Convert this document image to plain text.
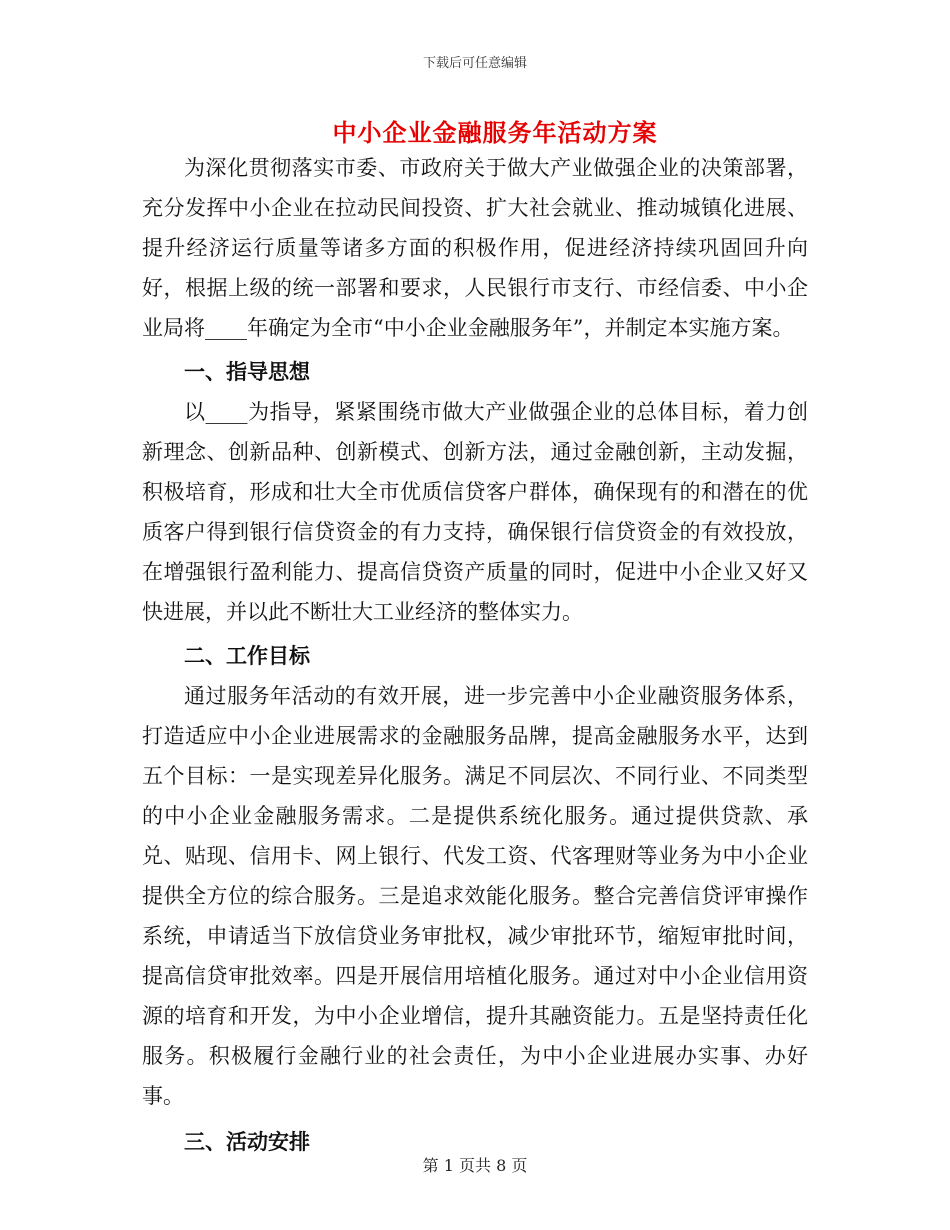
下载后可任意编辑
中小企业金融服务年活动方案

为深化贯彻落实市委、市政府关于做大产业做强企业的决策部署，充分发挥中小企业在拉动民间投资、扩大社会就业、推动城镇化进展、提升经济运行质量等诸多方面的积极作用，促进经济持续巩固回升向好，根据上级的统一部署和要求，人民银行市支行、市经信委、中小企业局将____年确定为全市“中小企业金融服务年”，并制定本实施方案。

一、指导思想

以____为指导，紧紧围绕市做大产业做强企业的总体目标，着力创新理念、创新品种、创新模式、创新方法，通过金融创新，主动发掘，积极培育，形成和壮大全市优质信贷客户群体，确保现有的和潜在的优质客户得到银行信贷资金的有力支持，确保银行信贷资金的有效投放，在增强银行盈利能力、提高信贷资产质量的同时，促进中小企业又好又快进展，并以此不断壮大工业经济的整体实力。

二、工作目标

通过服务年活动的有效开展，进一步完善中小企业融资服务体系，打造适应中小企业进展需求的金融服务品牌，提高金融服务水平，达到五个目标：一是实现差异化服务。满足不同层次、不同行业、不同类型的中小企业金融服务需求。二是提供系统化服务。通过提供贷款、承兑、贴现、信用卡、网上银行、代发工资、代客理财等业务为中小企业提供全方位的综合服务。三是追求效能化服务。整合完善信贷评审操作系统，申请适当下放信贷业务审批权，减少审批环节，缩短审批时间，提高信贷审批效率。四是开展信用培植化服务。通过对中小企业信用资源的培育和开发，为中小企业增信，提升其融资能力。五是坚持责任化服务。积极履行金融行业的社会责任，为中小企业进展办实事、办好事。

三、活动安排
第 1 页共 8 页
